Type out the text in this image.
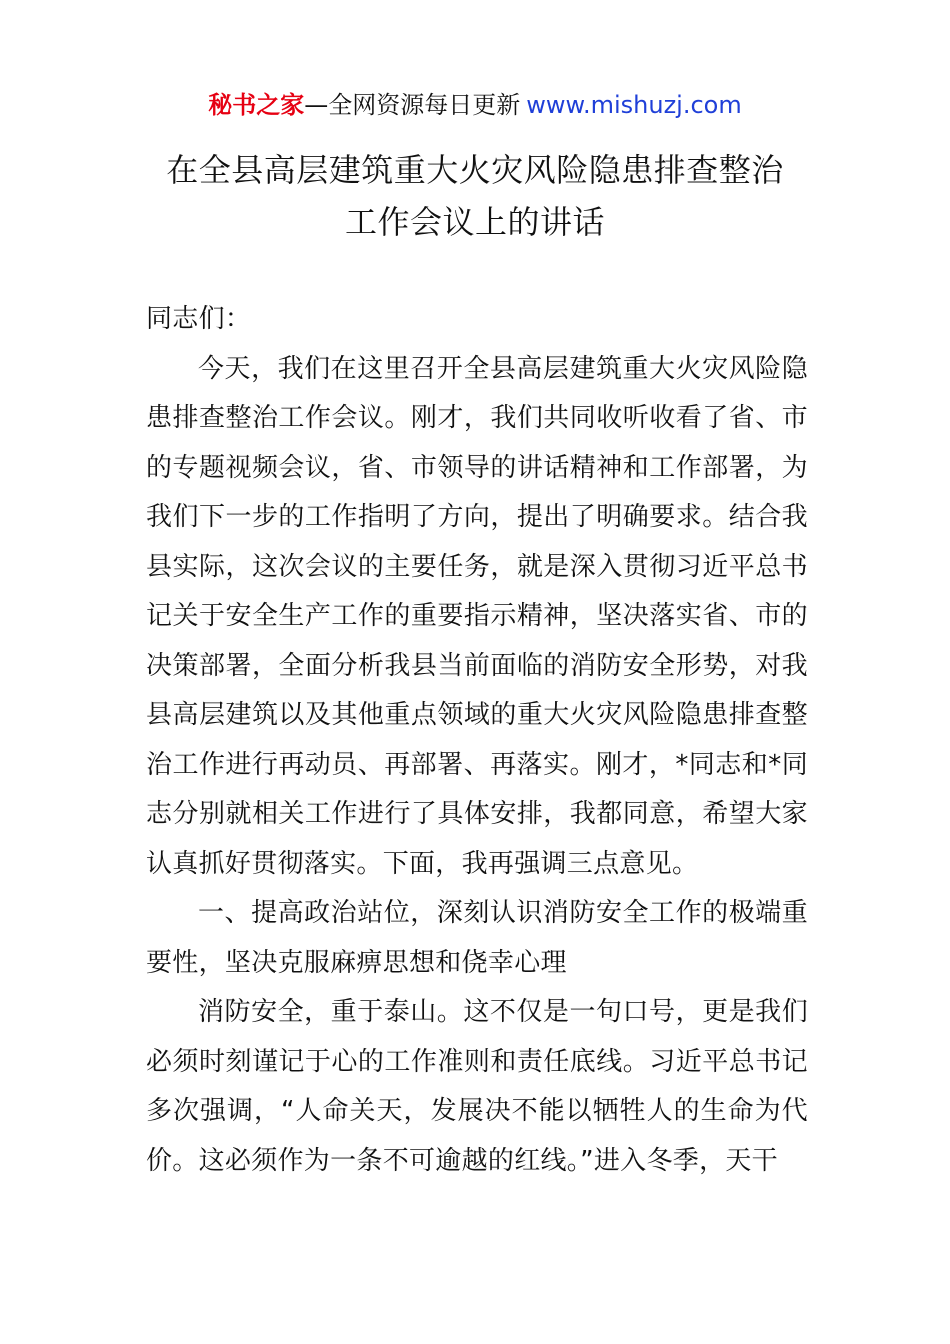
秘书之家—全网资源每日更新 www.mishuzj.com
在全县高层建筑重大火灾风险隐患排查整治
工作会议上的讲话

同志们：

今天，我们在这里召开全县高层建筑重大火灾风险隐患排查整治工作会议。刚才，我们共同收听收看了省、市的专题视频会议，省、市领导的讲话精神和工作部署，为我们下一步的工作指明了方向，提出了明确要求。结合我县实际，这次会议的主要任务，就是深入贯彻习近平总书记关于安全生产工作的重要指示精神，坚决落实省、市的决策部署，全面分析我县当前面临的消防安全形势，对我县高层建筑以及其他重点领域的重大火灾风险隐患排查整治工作进行再动员、再部署、再落实。刚才，*同志和*同志分别就相关工作进行了具体安排，我都同意，希望大家认真抓好贯彻落实。下面，我再强调三点意见。

一、提高政治站位，深刻认识消防安全工作的极端重要性，坚决克服麻痹思想和侥幸心理

消防安全，重于泰山。这不仅是一句口号，更是我们必须时刻谨记于心的工作准则和责任底线。习近平总书记多次强调，“人命关天，发展决不能以牺牲人的生命为代价。这必须作为一条不可逾越的红线。”进入冬季，天干
